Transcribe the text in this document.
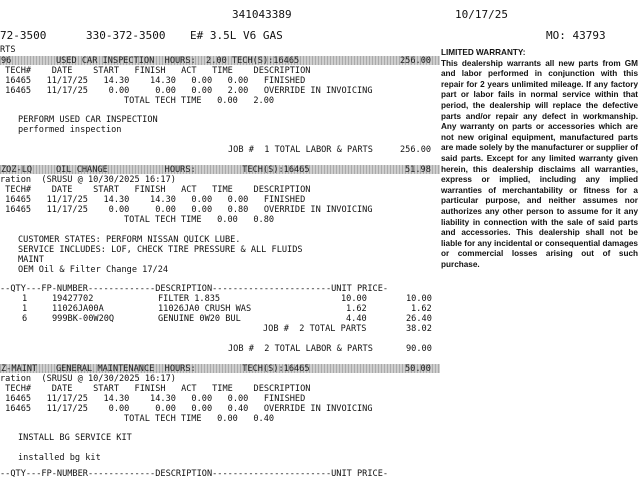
341043389	10/17/25
72-3500	330-372-3500 E# 3.5L V6 GAS	MO: 43793
RTS
96	USED CAR INSPECTION  HOURS:  2.00 TECH(S):16465	256.00
TECH#    DATE    START   FINISH   ACT   TIME    DESCRIPTION
16465   11/17/25   14.30    14.30   0.00   0.00   FINISHED
16465   11/17/25    0.00     0.00   0.00   2.00   OVERRIDE IN INVOICING
TOTAL TECH TIME   0.00   2.00
PERFORM USED CAR INSPECTION
performed inspection
JOB #  1 TOTAL LABOR & PARTS	256.00
ZOZ-LQ	OIL CHANGE           HOURS:         TECH(S):16465	51.98
ration  (SRUSU @ 10/30/2025 16:17)
TECH#    DATE    START   FINISH   ACT   TIME    DESCRIPTION
16465   11/17/25   14.30    14.30   0.00   0.00   FINISHED
16465   11/17/25    0.00     0.00   0.00   0.80   OVERRIDE IN INVOICING
TOTAL TECH TIME   0.00   0.80
CUSTOMER STATES: PERFORM NISSAN QUICK LUBE.
SERVICE INCLUDES: LOF, CHECK TIRE PRESSURE & ALL FLUIDS
MAINT
OEM Oil & Filter Change 17/24
--QTY---FP-NUMBER-------------DESCRIPTION-----------------------UNIT PRICE-
1	19427702	FILTER 1.835	10.00	10.00
1	11026JA00A	11026JA0 CRUSH WAS	1.62	1.62
6	999BK-00W20Q	GENUINE 0W20 BUL	4.40	26.40
JOB #  2 TOTAL PARTS	38.02
JOB #  2 TOTAL LABOR & PARTS	90.00
Z-MAINT GENERAL MAINTENANCE  HOURS:         TECH(S):16465	50.00
ration  (SRUSU @ 10/30/2025 16:17)
TECH#    DATE    START   FINISH   ACT   TIME    DESCRIPTION
16465   11/17/25   14.30    14.30   0.00   0.00   FINISHED
16465   11/17/25    0.00     0.00   0.00   0.40   OVERRIDE IN INVOICING
TOTAL TECH TIME   0.00   0.40
INSTALL BG SERVICE KIT
installed bg kit
--QTY---FP-NUMBER-------------DESCRIPTION-----------------------UNIT PRICE-
LIMITED WARRANTY:
This dealership warrants all new parts from GM and labor performed in conjunction with this repair for 2 years unlimited mileage. If any factory part or labor fails in normal service within that period, the dealership will replace the defective parts and/or repair any defect in workmanship. Any warranty on parts or accessories which are not new original equipment, manufactured parts are made solely by the manufacturer or supplier of said parts. Except for any limited warranty given herein, this dealership disclaims all warranties, express or implied, including any implied warranties of merchantability or fitness for a particular purpose, and neither assumes nor authorizes any other person to assume for it any liability in connection with the sale of said parts and accessories. This dealership shall not be liable for any incidental or consequential damages or commercial losses arising out of such purchase.
